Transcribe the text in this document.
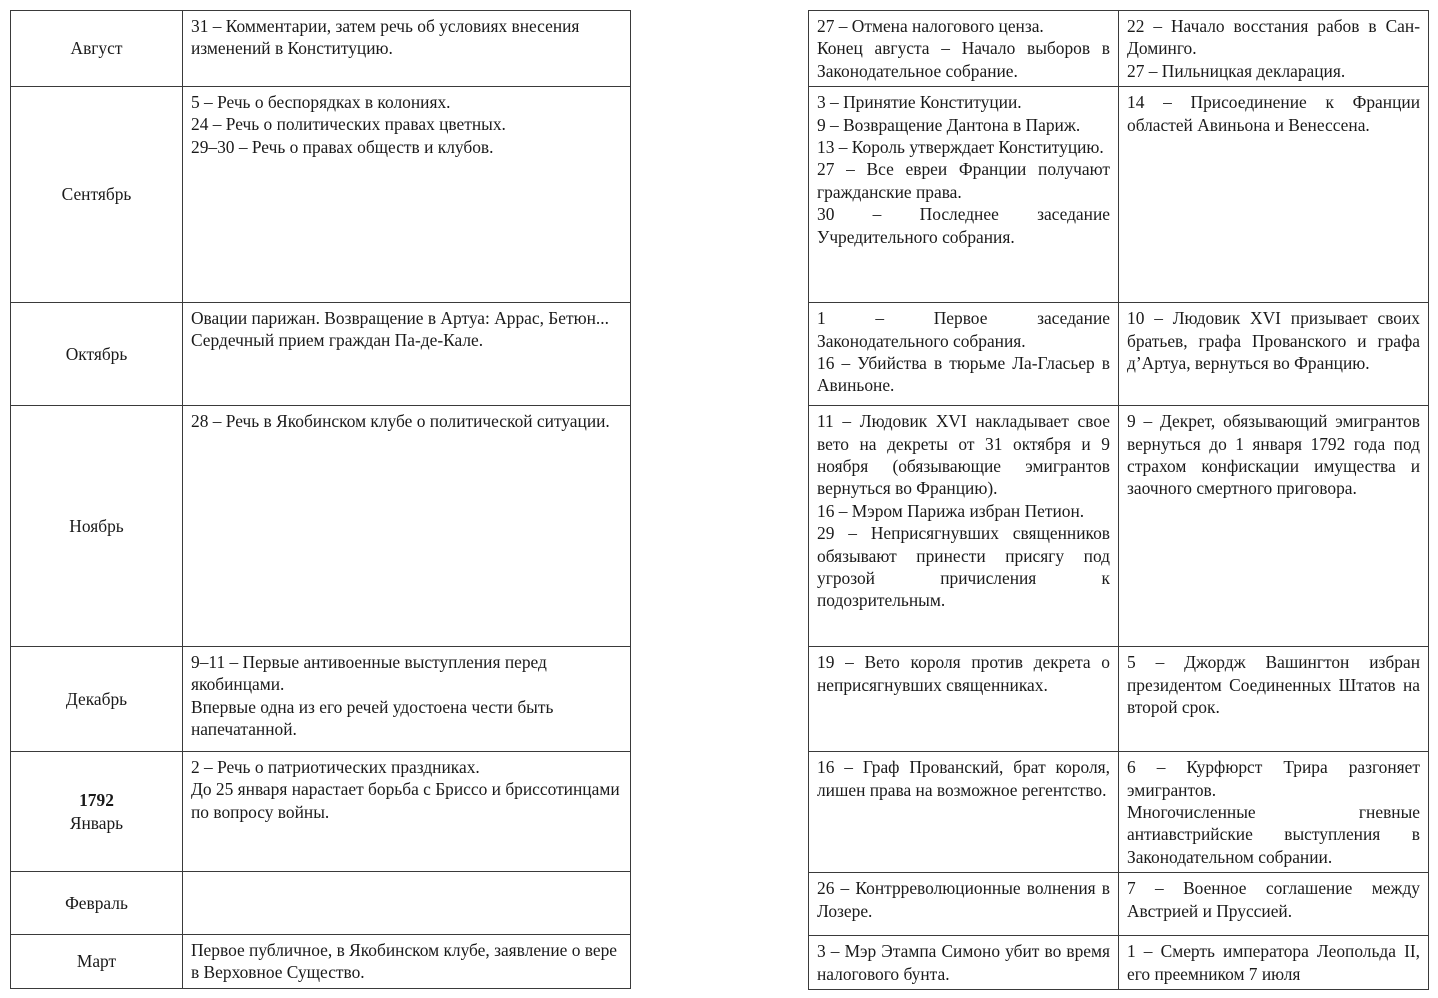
Август	31 – Комментарии, затем речь об условиях внесения изменений в Конституцию.

Сентябрь	5 – Речь о беспорядках в колониях.
24 – Речь о политических правах цветных.
29–30 – Речь о правах обществ и клубов.

Октябрь	Овации парижан. Возвращение в Артуа: Аррас, Бетюн... Сердечный прием граждан Па-де-Кале.

Ноябрь	28 – Речь в Якобинском клубе о политической ситуации.

Декабрь	9–11 – Первые антивоенные выступления перед якобинцами.
Впервые одна из его речей удостоена чести быть напечатанной.

1792
Январь	2 – Речь о патриотических праздниках.
До 25 января нарастает борьба с Бриссо и бриссотинцами по вопросу войны.

Февраль	

Март	Первое публичное, в Якобинском клубе, заявление о вере в Верховное Существо.
27 – Отмена налогового ценза.
Конец августа – Начало выборов в Законодательное собрание.	22 – Начало восстания рабов в Сан-Доминго.
27 – Пильницкая декларация.

3 – Принятие Конституции.
9 – Возвращение Дантона в Париж.
13 – Король утверждает Конституцию.
27 – Все евреи Франции получают гражданские права.
30 – Последнее заседание Учредительного собрания.	14 – Присоединение к Франции областей Авиньона и Венессена.

1 – Первое заседание Законодательного собрания.
16 – Убийства в тюрьме Ла-Гласьер в Авиньоне.	10 – Людовик XVI призывает своих братьев, графа Прованского и графа д’Артуа, вернуться во Францию.

11 – Людовик XVI накладывает свое вето на декреты от 31 октября и 9 ноября (обязывающие эмигрантов вернуться во Францию).
16 – Мэром Парижа избран Петион.
29 – Неприсягнувших священников обязывают принести присягу под угрозой причисления к подозрительным.	9 – Декрет, обязывающий эмигрантов вернуться до 1 января 1792 года под страхом конфискации имущества и заочного смертного приговора.

19 – Вето короля против декрета о неприсягнувших священниках.	5 – Джордж Вашингтон избран президентом Соединенных Штатов на второй срок.

16 – Граф Прованский, брат короля, лишен права на возможное регентство.	6 – Курфюрст Трира разгоняет эмигрантов.
Многочисленные гневные антиавстрийские выступления в Законодательном собрании.

26 – Контрреволюционные волнения в Лозере.	7 – Военное соглашение между Австрией и Пруссией.

3 – Мэр Этампа Симоно убит во время налогового бунта.	1 – Смерть императора Леопольда II, его преемником 7 июля
